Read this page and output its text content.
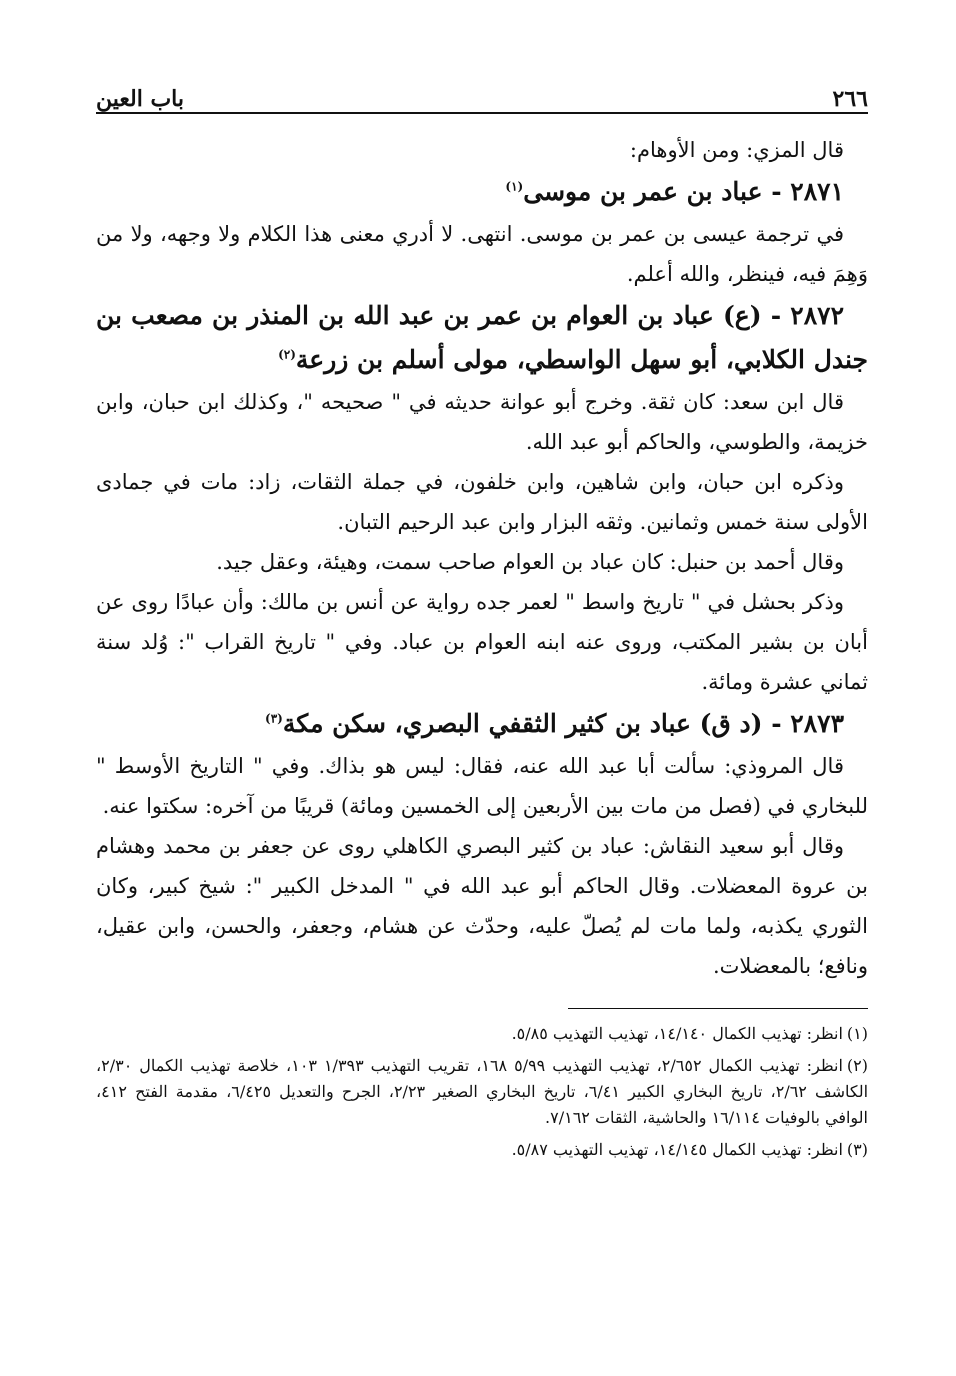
٢٦٦
باب العين

قال المزي: ومن الأوهام:

٢٨٧١ - عباد بن عمر بن موسى$^{(١)}$

في ترجمة عيسى بن عمر بن موسى. انتهى. لا أدري معنى هذا الكلام ولا وجهه، ولا من وَهِمَ فيه، فينظر، والله أعلم.

٢٨٧٢ - (ع) عباد بن العوام بن عمر بن عبد الله بن المنذر بن مصعب بن جندل الكلابي، أبو سهل الواسطي، مولى أسلم بن زرعة$^{(٢)}$

قال ابن سعد: كان ثقة. وخرج أبو عوانة حديثه في " صحيحه "، وكذلك ابن حبان، وابن خزيمة، والطوسي، والحاكم أبو عبد الله.

وذكره ابن حبان، وابن شاهين، وابن خلفون، في جملة الثقات، زاد: مات في جمادى الأولى سنة خمس وثمانين. وثقه البزار وابن عبد الرحيم التبان.

وقال أحمد بن حنبل: كان عباد بن العوام صاحب سمت، وهيئة، وعقل جيد.

وذكر بحشل في " تاريخ واسط " لعمر جده رواية عن أنس بن مالك: وأن عبادًا روى عن أبان بن بشير المكتب، وروى عنه ابنه العوام بن عباد. وفي " تاريخ القراب ": وُلد سنة ثماني عشرة ومائة.

٢٨٧٣ - (د ق) عباد بن كثير الثقفي البصري، سكن مكة$^{(٣)}$

قال المروذي: سألت أبا عبد الله عنه، فقال: ليس هو بذاك. وفي " التاريخ الأوسط " للبخاري في (فصل من مات بين الأربعين إلى الخمسين ومائة) قريبًا من آخره: سكتوا عنه.

وقال أبو سعيد النقاش: عباد بن كثير البصري الكاهلي روى عن جعفر بن محمد وهشام بن عروة المعضلات. وقال الحاكم أبو عبد الله في " المدخل الكبير ": شيخ كبير، وكان الثوري يكذبه، ولما مات لم يُصلّ عليه، وحدّث عن هشام، وجعفر، والحسن، وابن عقيل، ونافع؛ بالمعضلات.

(١)انظر: تهذيب الكمال ١٤/١٤٠، تهذيب التهذيب ٥/٨٥.

(٢)انظر: تهذيب الكمال ٢/٦٥٢، تهذيب التهذيب ٥/٩٩ ١٦٨، تقريب التهذيب ١/٣٩٣ ١٠٣، خلاصة تهذيب الكمال ٢/٣٠، الكاشف ٢/٦٢، تاريخ البخاري الكبير ٦/٤١، تاريخ البخاري الصغير ٢/٢٣، الجرح والتعديل ٦/٤٢٥، مقدمة الفتح ٤١٢، الوافي بالوفيات ١٦/١١٤ والحاشية، الثقات ٧/١٦٢.

(٣)انظر: تهذيب الكمال ١٤/١٤٥، تهذيب التهذيب ٥/٨٧.
